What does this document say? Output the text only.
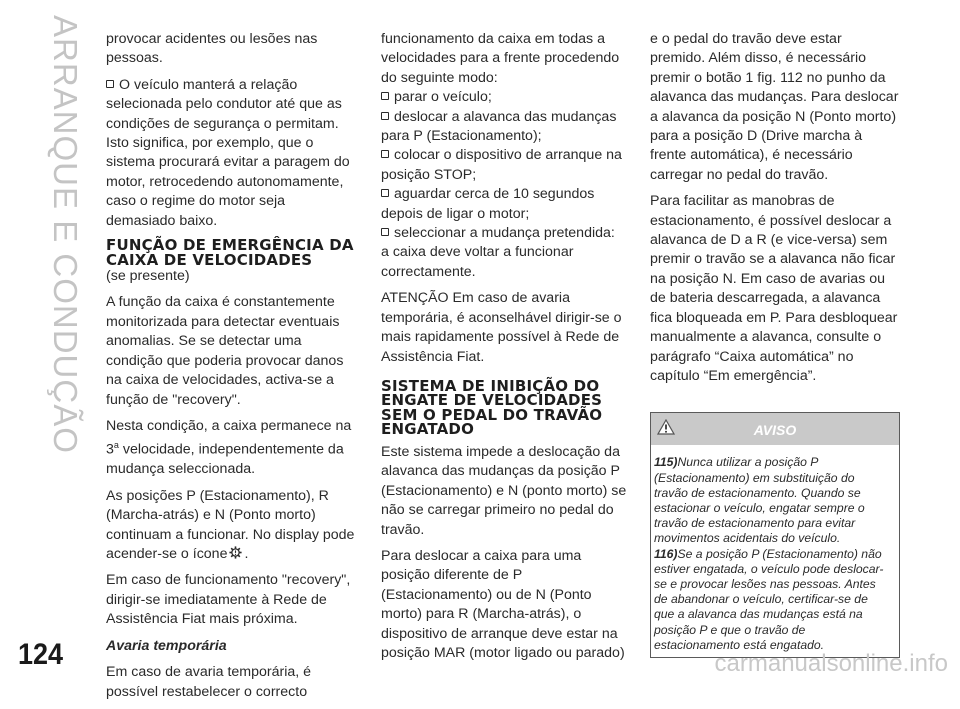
ARRANQUE E CONDUÇÃO provocar acidentes ou lesões nas pessoas.

O veículo manterá a relação selecionada pelo condutor até que as condições de segurança o permitam. Isto significa, por exemplo, que o sistema procurará evitar a paragem do motor, retrocedendo autonomamente, caso o regime do motor seja demasiado baixo.

FUNÇÃO DE EMERGÊNCIA DA CAIXA DE VELOCIDADES

(se presente)

A função da caixa é constantemente monitorizada para detectar eventuais anomalias. Se se detectar uma condição que poderia provocar danos na caixa de velocidades, activa-se a função de "recovery".

Nesta condição, a caixa permanece na 3$^a$ velocidade, independentemente da mudança seleccionada.

As posições P (Estacionamento), R (Marcha-atrás) e N (Ponto morto) continuam a funcionar. No display pode acender-se o ícone .

Em caso de funcionamento "recovery", dirigir-se imediatamente à Rede de Assistência Fiat mais próxima.

Avaria temporária

Em caso de avaria temporária, é possível restabelecer o correcto

funcionamento da caixa em todas a velocidades para a frente procedendo do seguinte modo:

parar o veículo;

deslocar a alavanca das mudanças para P (Estacionamento);

colocar o dispositivo de arranque na posição STOP;

aguardar cerca de 10 segundos depois de ligar o motor;

seleccionar a mudança pretendida:

a caixa deve voltar a funcionar correctamente.

ATENÇÃO Em caso de avaria temporária, é aconselhável dirigir-se o mais rapidamente possível à Rede de Assistência Fiat.

SISTEMA DE INIBIÇÃO DO ENGATE DE VELOCIDADES SEM O PEDAL DO TRAVÃO ENGATADO

Este sistema impede a deslocação da alavanca das mudanças da posição P (Estacionamento) e N (ponto morto) se não se carregar primeiro no pedal do travão.

Para deslocar a caixa para uma posição diferente de P (Estacionamento) ou de N (Ponto morto) para R (Marcha-atrás), o dispositivo de arranque deve estar na posição MAR (motor ligado ou parado)

e o pedal do travão deve estar premido. Além disso, é necessário premir o botão 1 fig. 112 no punho da alavanca das mudanças. Para deslocar a alavanca da posição N (Ponto morto) para a posição D (Drive marcha à frente automática), é necessário carregar no pedal do travão.

Para facilitar as manobras de estacionamento, é possível deslocar a alavanca de D a R (e vice-versa) sem premir o travão se a alavanca não ficar na posição N. Em caso de avarias ou de bateria descarregada, a alavanca fica bloqueada em P. Para desbloquear manualmente a alavanca, consulte o parágrafo “Caixa automática” no capítulo “Em emergência”.

AVISO

115)Nunca utilizar a posição P (Estacionamento) em substituição do travão de estacionamento. Quando se estacionar o veículo, engatar sempre o travão de estacionamento para evitar movimentos acidentais do veículo.

116)Se a posição P (Estacionamento) não estiver engatada, o veículo pode deslocar-se e provocar lesões nas pessoas. Antes de abandonar o veículo, certificar-se de que a alavanca das mudanças está na posição P e que o travão de estacionamento está engatado.

124	carmanualsonline.info
